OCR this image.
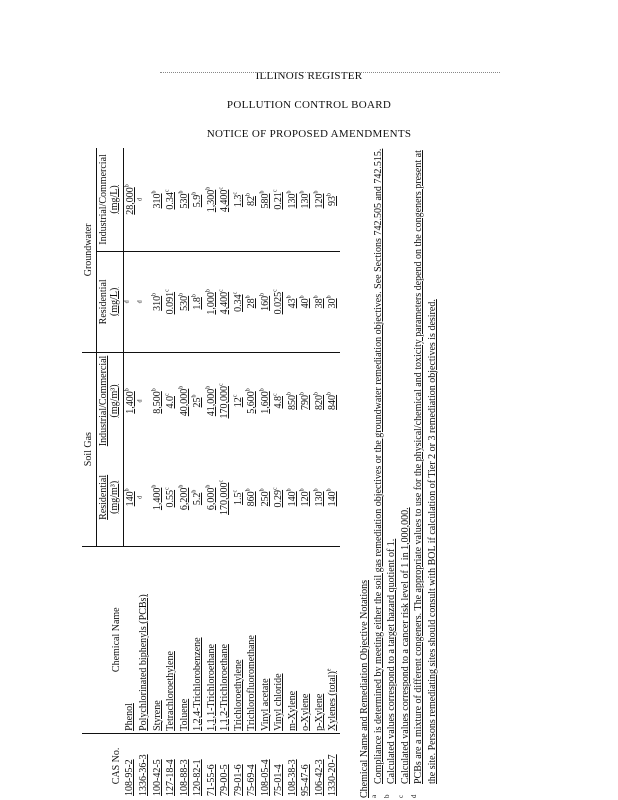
ILLINOIS REGISTER
POLLUTION CONTROL BOARD
NOTICE OF PROPOSED AMENDMENTS
CAS No.	Chemical Name	Soil Gas		Groundwater	

		Residential (mg/m³)	Industrial/Commercial (mg/m³)	Residential (mg/L)	Industrial/Commercial (mg/L)

108-95-2	Phenol	140$^b$	1,400$^b$	$^d$	28,000$^b$
1336-36-3	Polychlorinated biphenyls (PCBs)	$^d$	$^d$	$^d$	$^d$
100-42-5	Styrene	1,400$^b$	8,500$^b$	310$^b$	310$^b$
127-18-4	Tetrachloroethylene	0.55$^c$	4.0$^c$	0.091$^c$	0.34$^c$
108-88-3	Toluene	6,200$^b$	40,000$^b$	530$^b$	530$^b$
120-82-1	1,2,4-Trichlorobenzene	5.2$^b$	25$^b$	1.8$^b$	5.9$^b$
71-55-6	1,1,1-Trichloroethane	6,000$^b$	41,000$^b$	1,000$^b$	1,300$^b$
79-00-5	1,1,2-Trichloroethane	170,000$^c$	170,000$^c$	4,400$^c$	4,400$^c$
79-01-6	Trichloroethylene	1.5$^c$	12$^c$	0.34$^c$	1.3$^c$
75-69-4	Trichlorofluoromethane	860$^b$	5,600$^b$	28$^b$	82$^b$
108-05-4	Vinyl acetate	250$^b$	1,600$^b$	160$^b$	580$^b$
75-01-4	Vinyl chloride	0.29$^c$	4.8$^c$	0.025$^c$	0.21$^c$
108-38-3	m-Xylene	140$^b$	850$^b$	43$^b$	130$^b$
95-47-6	o-Xylene	120$^b$	790$^b$	40$^b$	130$^b$
106-42-3	p-Xylene	130$^b$	820$^b$	38$^b$	120$^b$
1330-20-7	Xylenes (total)$^e$	140$^b$	840$^b$	30$^b$	93$^b$
Chemical Name and Remediation Objective Notations a
Compliance is determined by meeting either the soil gas remediation objectives or the groundwater remediation objectives. See Sections 742.505 and 742.515.
b
Calculated values correspond to a target hazard quotient of 1.
c
Calculated values correspond to a cancer risk level of 1 in 1,000,000.
d
PCBs are a mixture of different congeners. The appropriate values to use for the physical/chemical and toxicity parameters depend on the congeners present at the site. Persons remediating sites should consult with BOL if calculation of Tier 2 or 3 remediation objectives is desired.
